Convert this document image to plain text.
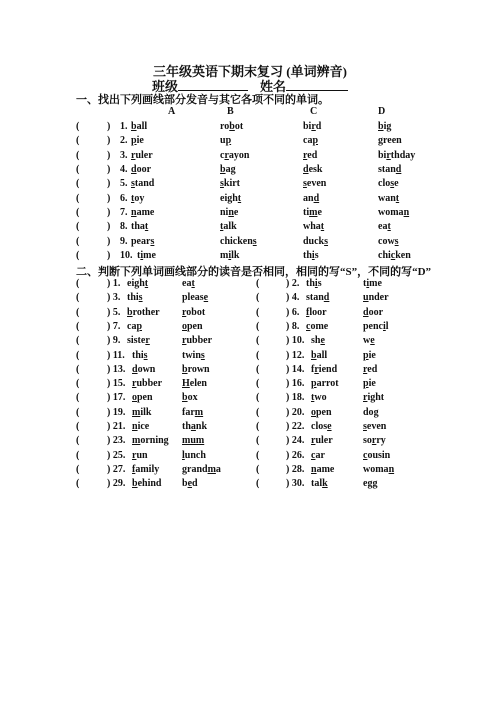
三年级英语下期末复习 (单词辨音)
班级	姓名
一、找出下列画线部分发音与其它各项不同的单词。
A	B	C	D
(	) 1. ball	robot	bird	big
(	) 2. pie	up	cap	green
(	) 3. ruler	crayon	red	birthday
(	) 4. door	bag	desk	stand
(	) 5. stand	skirt	seven	close
(	) 6. toy	eight	and	want
(	) 7. name	nine	time	woman
(	) 8. that	talk	what	eat
(	) 9. pears	chickens	ducks	cows
(	) 10. time	milk	this	chicken
二、判断下列单词画线部分的读音是否相同，相同的写“S”，不同的写“D”
(	) 1. eight	eat	(	) 2. this	time
(	) 3. this	please	(	) 4. stand	under
(	) 5. brother robot	(	) 6. floor	door
(	) 7. cap	open	(	) 8. come	pencil
(	) 9. sister	rubber	(	) 10. she	we
(	) 11. this	twins	(	) 12. ball	pie
(	) 13. down	brown	(	) 14. friend	red
(	) 15. rubber Helen	(	) 16. parrot pie
(	) 17. open	box	(	) 18. two	right
(	) 19. milk	farm	(	) 20. open	dog
(	) 21. nice	thank	(	) 22. close	seven
(	) 23. morning mum	(	) 24. ruler	sorry
(	) 25. run	lunch	(	) 26. car	cousin
(	) 27. family grandma	(	) 28. name	woman
(	) 29. behind bed	(	) 30. talk	egg
